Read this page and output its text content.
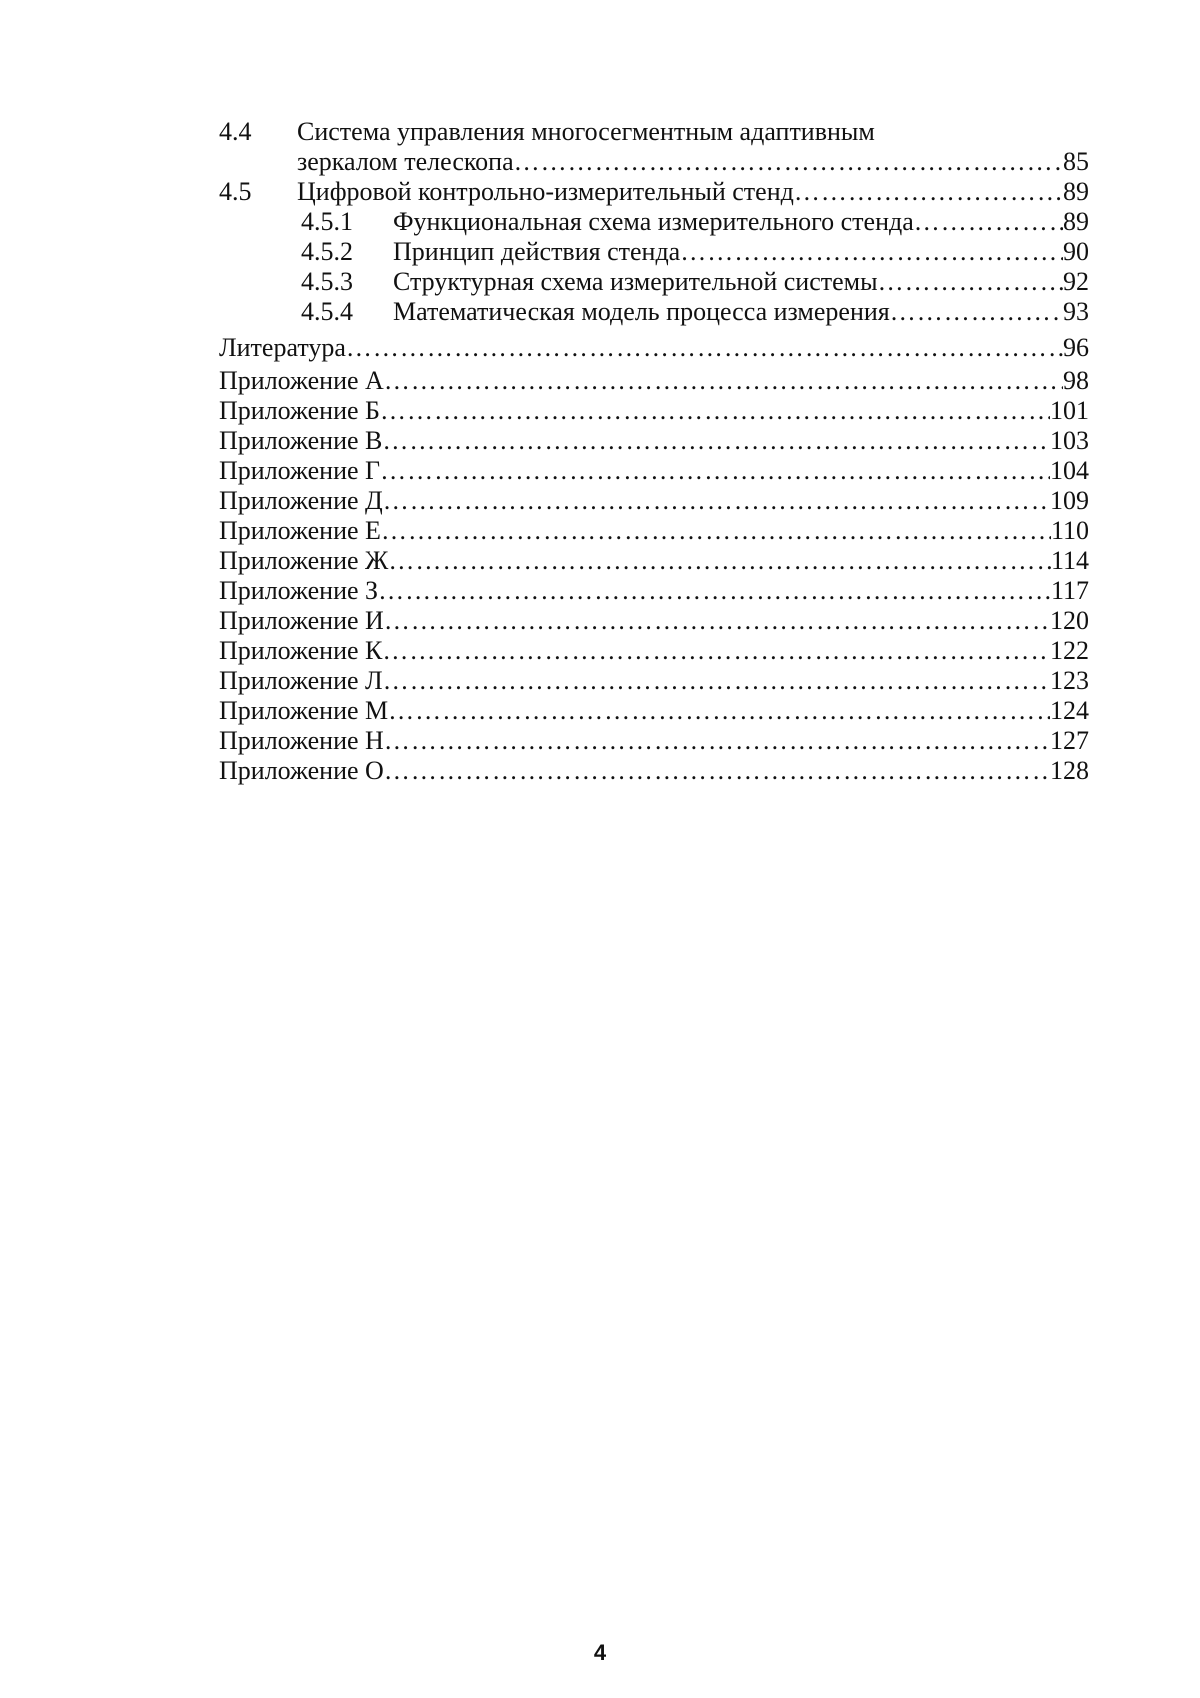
4.4	Система управления многосегментным адаптивным
зеркалом телескопа ……………………………………………………………………………………………………………………………………………………………………	85
4.5	Цифровой контрольно-измерительный стенд ……………………………………………………………………………………………………………………………………………………………………	89
4.5.1	Функциональная схема измерительного стенда ……………………………………………………………………………………………………………………………………………………………………	89
4.5.2	Принцип действия стенда ……………………………………………………………………………………………………………………………………………………………………	90
4.5.3	Структурная схема измерительной системы ……………………………………………………………………………………………………………………………………………………………………	92
4.5.4	Математическая модель процесса измерения ……………………………………………………………………………………………………………………………………………………………………	93
Литература ……………………………………………………………………………………………………………………………………………………………………	96
Приложение А ……………………………………………………………………………………………………………………………………………………………………	98
Приложение Б ……………………………………………………………………………………………………………………………………………………………………	101
Приложение В ……………………………………………………………………………………………………………………………………………………………………	103
Приложение Г ……………………………………………………………………………………………………………………………………………………………………	104
Приложение Д ……………………………………………………………………………………………………………………………………………………………………	109
Приложение Е ……………………………………………………………………………………………………………………………………………………………………	110
Приложение Ж ……………………………………………………………………………………………………………………………………………………………………	114
Приложение З ……………………………………………………………………………………………………………………………………………………………………	117
Приложение И ……………………………………………………………………………………………………………………………………………………………………	120
Приложение К ……………………………………………………………………………………………………………………………………………………………………	122
Приложение Л ……………………………………………………………………………………………………………………………………………………………………	123
Приложение М ……………………………………………………………………………………………………………………………………………………………………	124
Приложение Н ……………………………………………………………………………………………………………………………………………………………………	127
Приложение О ……………………………………………………………………………………………………………………………………………………………………	128
4
